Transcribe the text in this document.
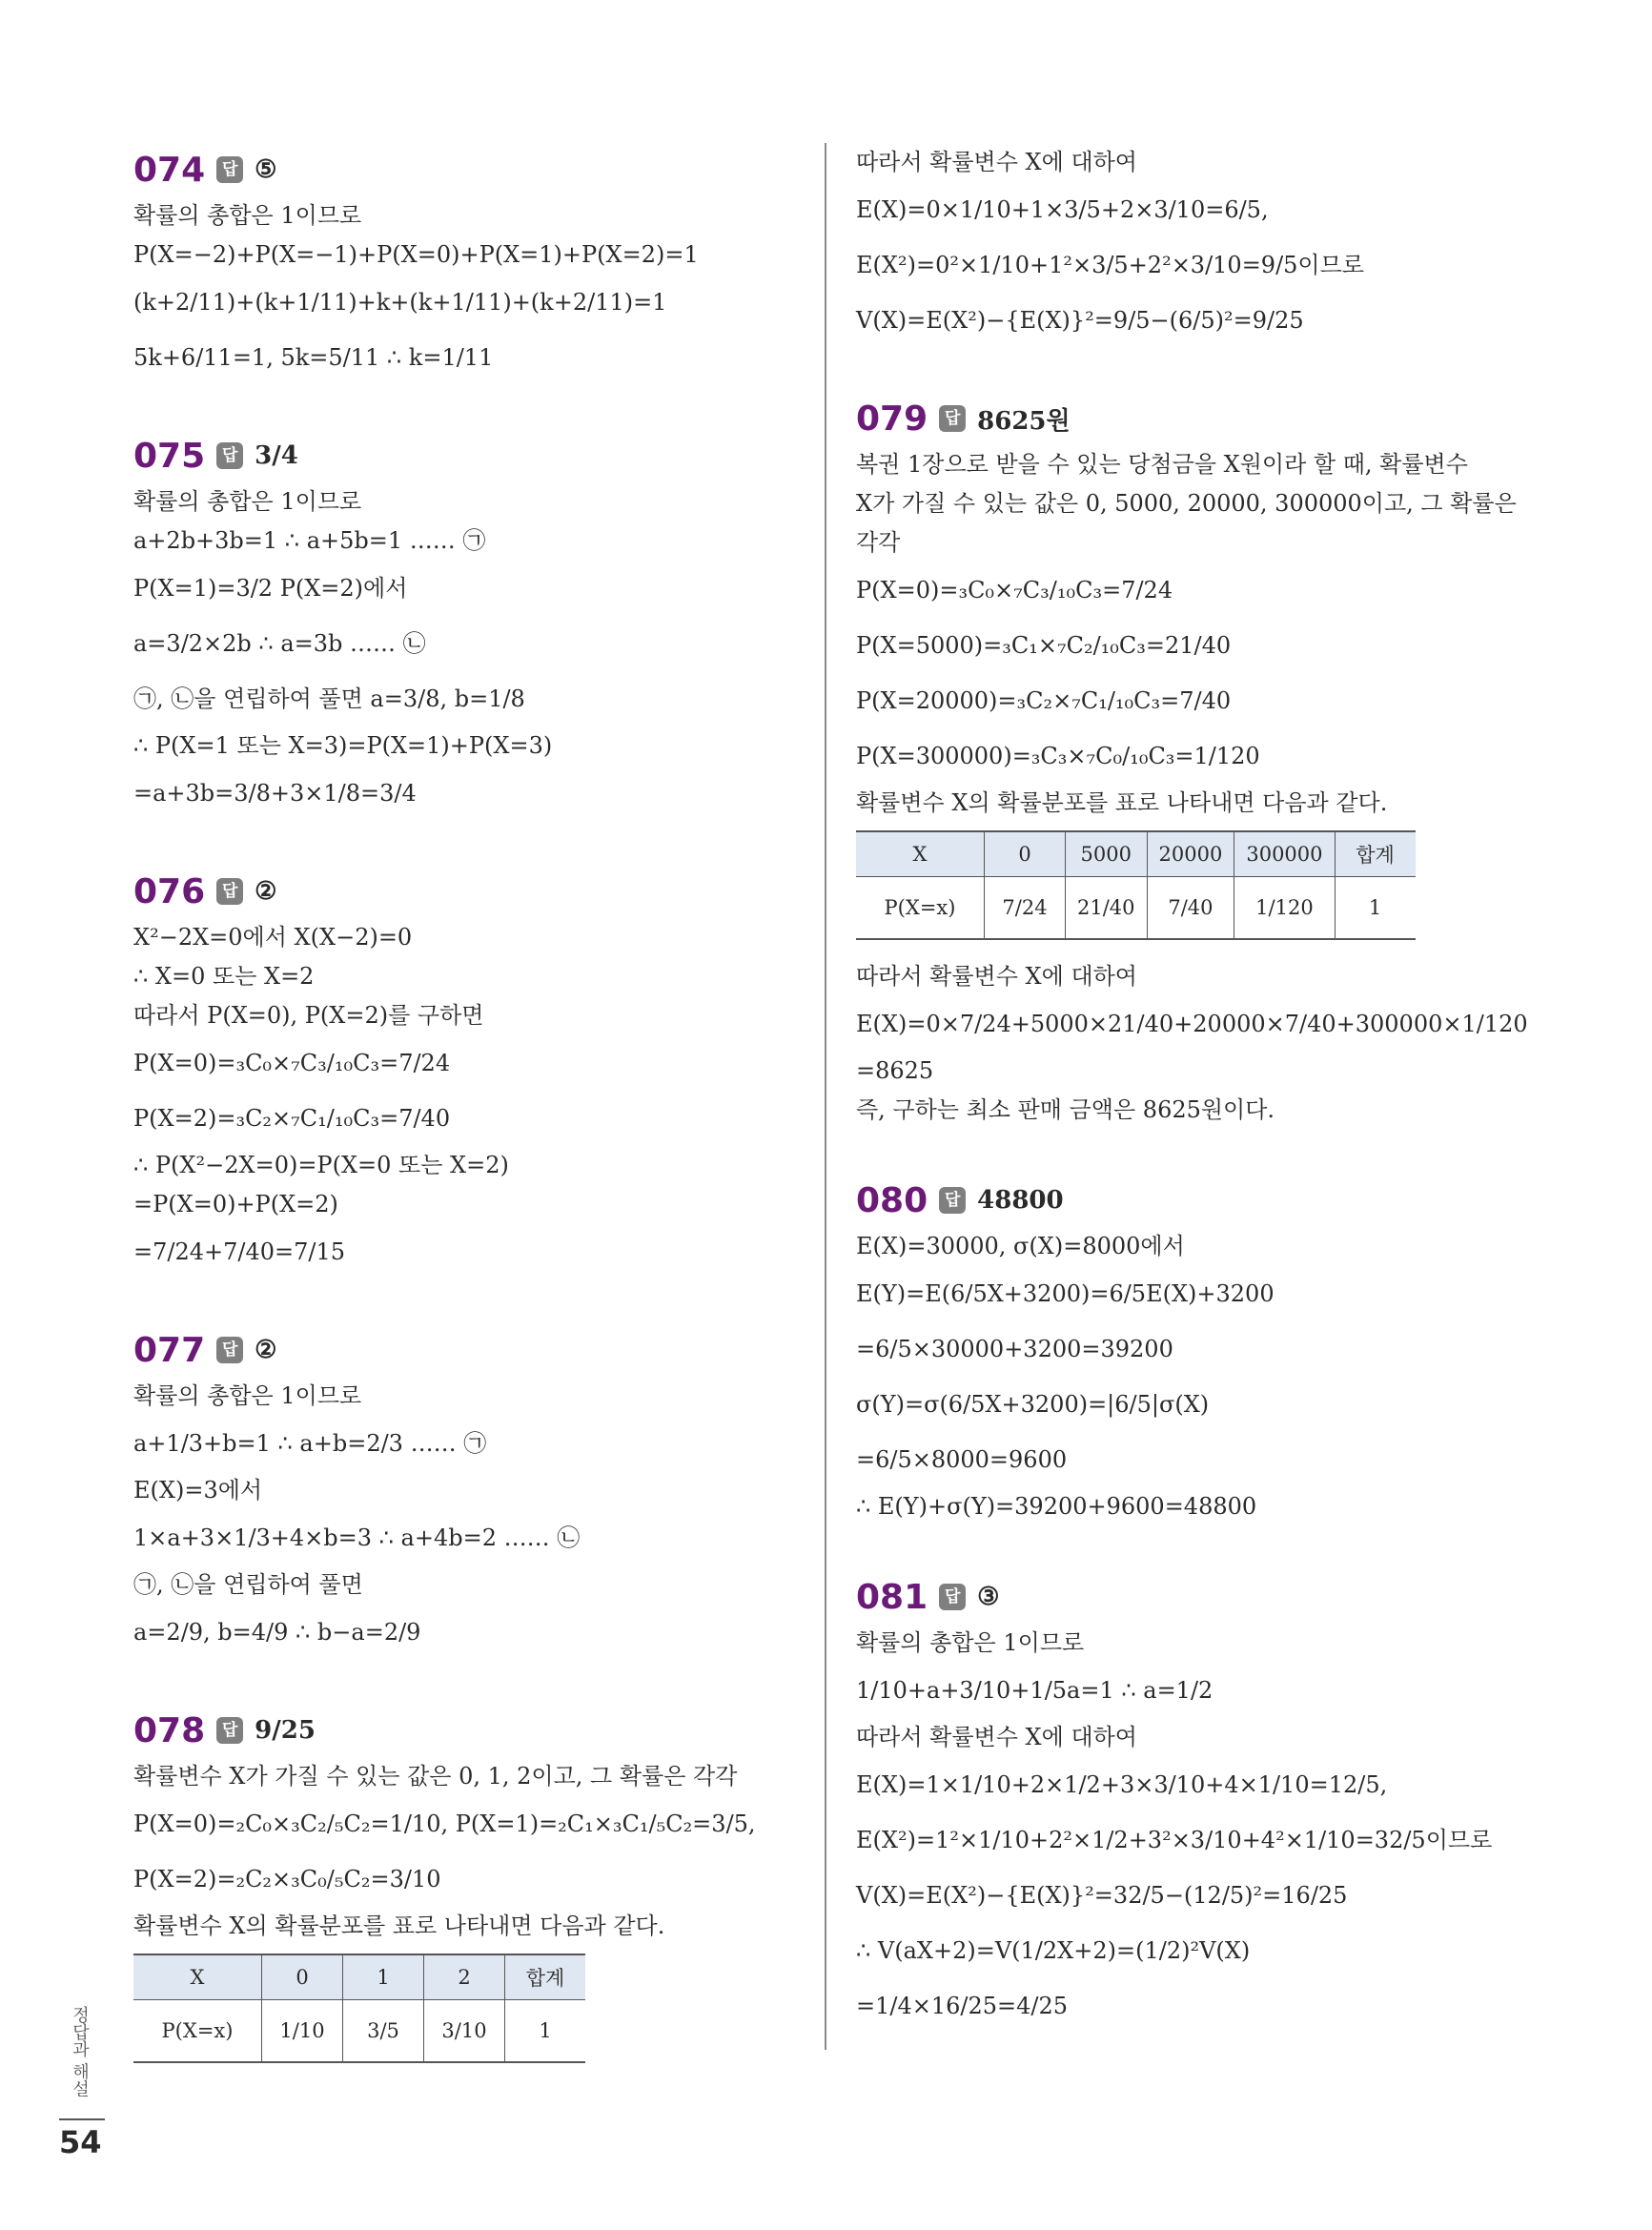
074	답 ⑤
확률의 총합은 1이므로
P(X=−2)+P(X=−1)+P(X=0)+P(X=1)+P(X=2)=1
(k+2/11)+(k+1/11)+k+(k+1/11)+(k+2/11)=1
5k+6/11=1, 5k=5/11 ∴ k=1/11
075	답 3/4
확률의 총합은 1이므로
a+2b+3b=1 ∴ a+5b=1 …… ㉠
P(X=1)=3/2 P(X=2)에서
a=3/2×2b ∴ a=3b …… ㉡
㉠, ㉡을 연립하여 풀면 a=3/8, b=1/8
∴ P(X=1 또는 X=3)=P(X=1)+P(X=3)
=a+3b=3/8+3×1/8=3/4
076	답 ②
X²−2X=0에서 X(X−2)=0
∴ X=0 또는 X=2
따라서 P(X=0), P(X=2)를 구하면
P(X=0)=₃C₀×₇C₃/₁₀C₃=7/24
P(X=2)=₃C₂×₇C₁/₁₀C₃=7/40
∴ P(X²−2X=0)=P(X=0 또는 X=2)
=P(X=0)+P(X=2)
=7/24+7/40=7/15
077	답 ②
확률의 총합은 1이므로
a+1/3+b=1 ∴ a+b=2/3 …… ㉠
E(X)=3에서
1×a+3×1/3+4×b=3 ∴ a+4b=2 …… ㉡
㉠, ㉡을 연립하여 풀면
a=2/9, b=4/9 ∴ b−a=2/9
078	답 9/25
확률변수 X가 가질 수 있는 값은 0, 1, 2이고, 그 확률은 각각
P(X=0)=₂C₀×₃C₂/₅C₂=1/10, P(X=1)=₂C₁×₃C₁/₅C₂=3/5,
P(X=2)=₂C₂×₃C₀/₅C₂=3/10
확률변수 X의 확률분포를 표로 나타내면 다음과 같다.
X	0	1	2	합계
P(X=x)	1/10	3/5	3/10	1
따라서 확률변수 X에 대하여
E(X)=0×1/10+1×3/5+2×3/10=6/5,
E(X²)=0²×1/10+1²×3/5+2²×3/10=9/5이므로
V(X)=E(X²)−{E(X)}²=9/5−(6/5)²=9/25
079	답 8625원
복권 1장으로 받을 수 있는 당첨금을 X원이라 할 때, 확률변수
X가 가질 수 있는 값은 0, 5000, 20000, 300000이고, 그 확률은
각각
P(X=0)=₃C₀×₇C₃/₁₀C₃=7/24
P(X=5000)=₃C₁×₇C₂/₁₀C₃=21/40
P(X=20000)=₃C₂×₇C₁/₁₀C₃=7/40
P(X=300000)=₃C₃×₇C₀/₁₀C₃=1/120
확률변수 X의 확률분포를 표로 나타내면 다음과 같다.
X	0	5000	20000	300000	합계
P(X=x)	7/24	21/40	7/40	1/120	1
따라서 확률변수 X에 대하여
E(X)=0×7/24+5000×21/40+20000×7/40+300000×1/120
=8625
즉, 구하는 최소 판매 금액은 8625원이다.
080	답 48800
E(X)=30000, σ(X)=8000에서
E(Y)=E(6/5X+3200)=6/5E(X)+3200
=6/5×30000+3200=39200
σ(Y)=σ(6/5X+3200)=|6/5|σ(X)
=6/5×8000=9600
∴ E(Y)+σ(Y)=39200+9600=48800
081	답 ③
확률의 총합은 1이므로
1/10+a+3/10+1/5a=1 ∴ a=1/2
따라서 확률변수 X에 대하여
E(X)=1×1/10+2×1/2+3×3/10+4×1/10=12/5,
E(X²)=1²×1/10+2²×1/2+3²×3/10+4²×1/10=32/5이므로
V(X)=E(X²)−{E(X)}²=32/5−(12/5)²=16/25
∴ V(aX+2)=V(1/2X+2)=(1/2)²V(X)
=1/4×16/25=4/25
정답과 해설
54
